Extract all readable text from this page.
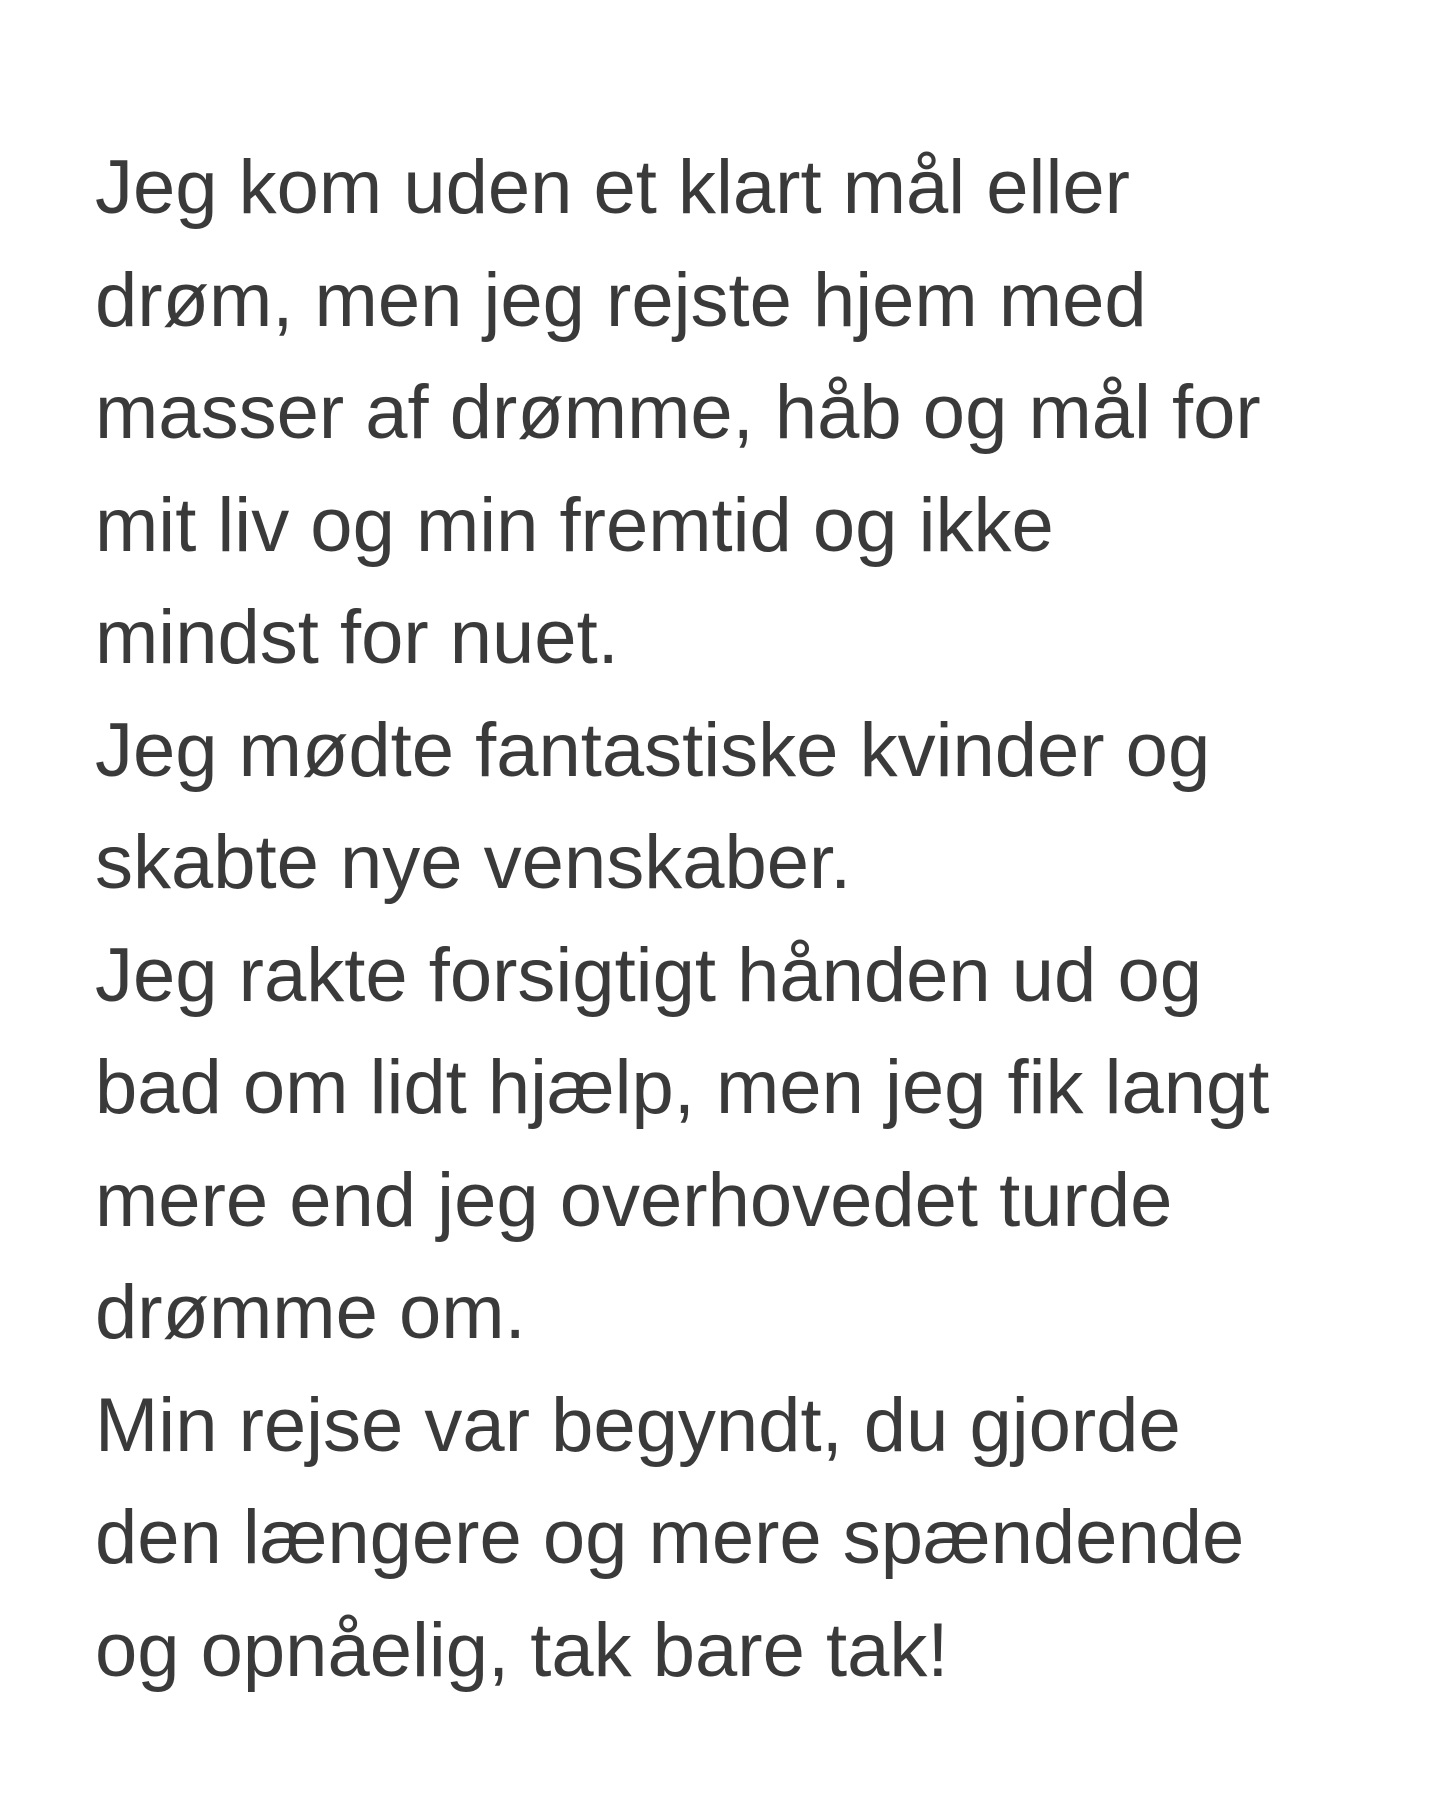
Jeg kom uden et klart mål eller
drøm, men jeg rejste hjem med
masser af drømme, håb og mål for
mit liv og min fremtid og ikke
mindst for nuet.
Jeg mødte fantastiske kvinder og
skabte nye venskaber.
Jeg rakte forsigtigt hånden ud og
bad om lidt hjælp, men jeg fik langt
mere end jeg overhovedet turde
drømme om.
Min rejse var begyndt, du gjorde
den længere og mere spændende
og opnåelig, tak bare tak!
